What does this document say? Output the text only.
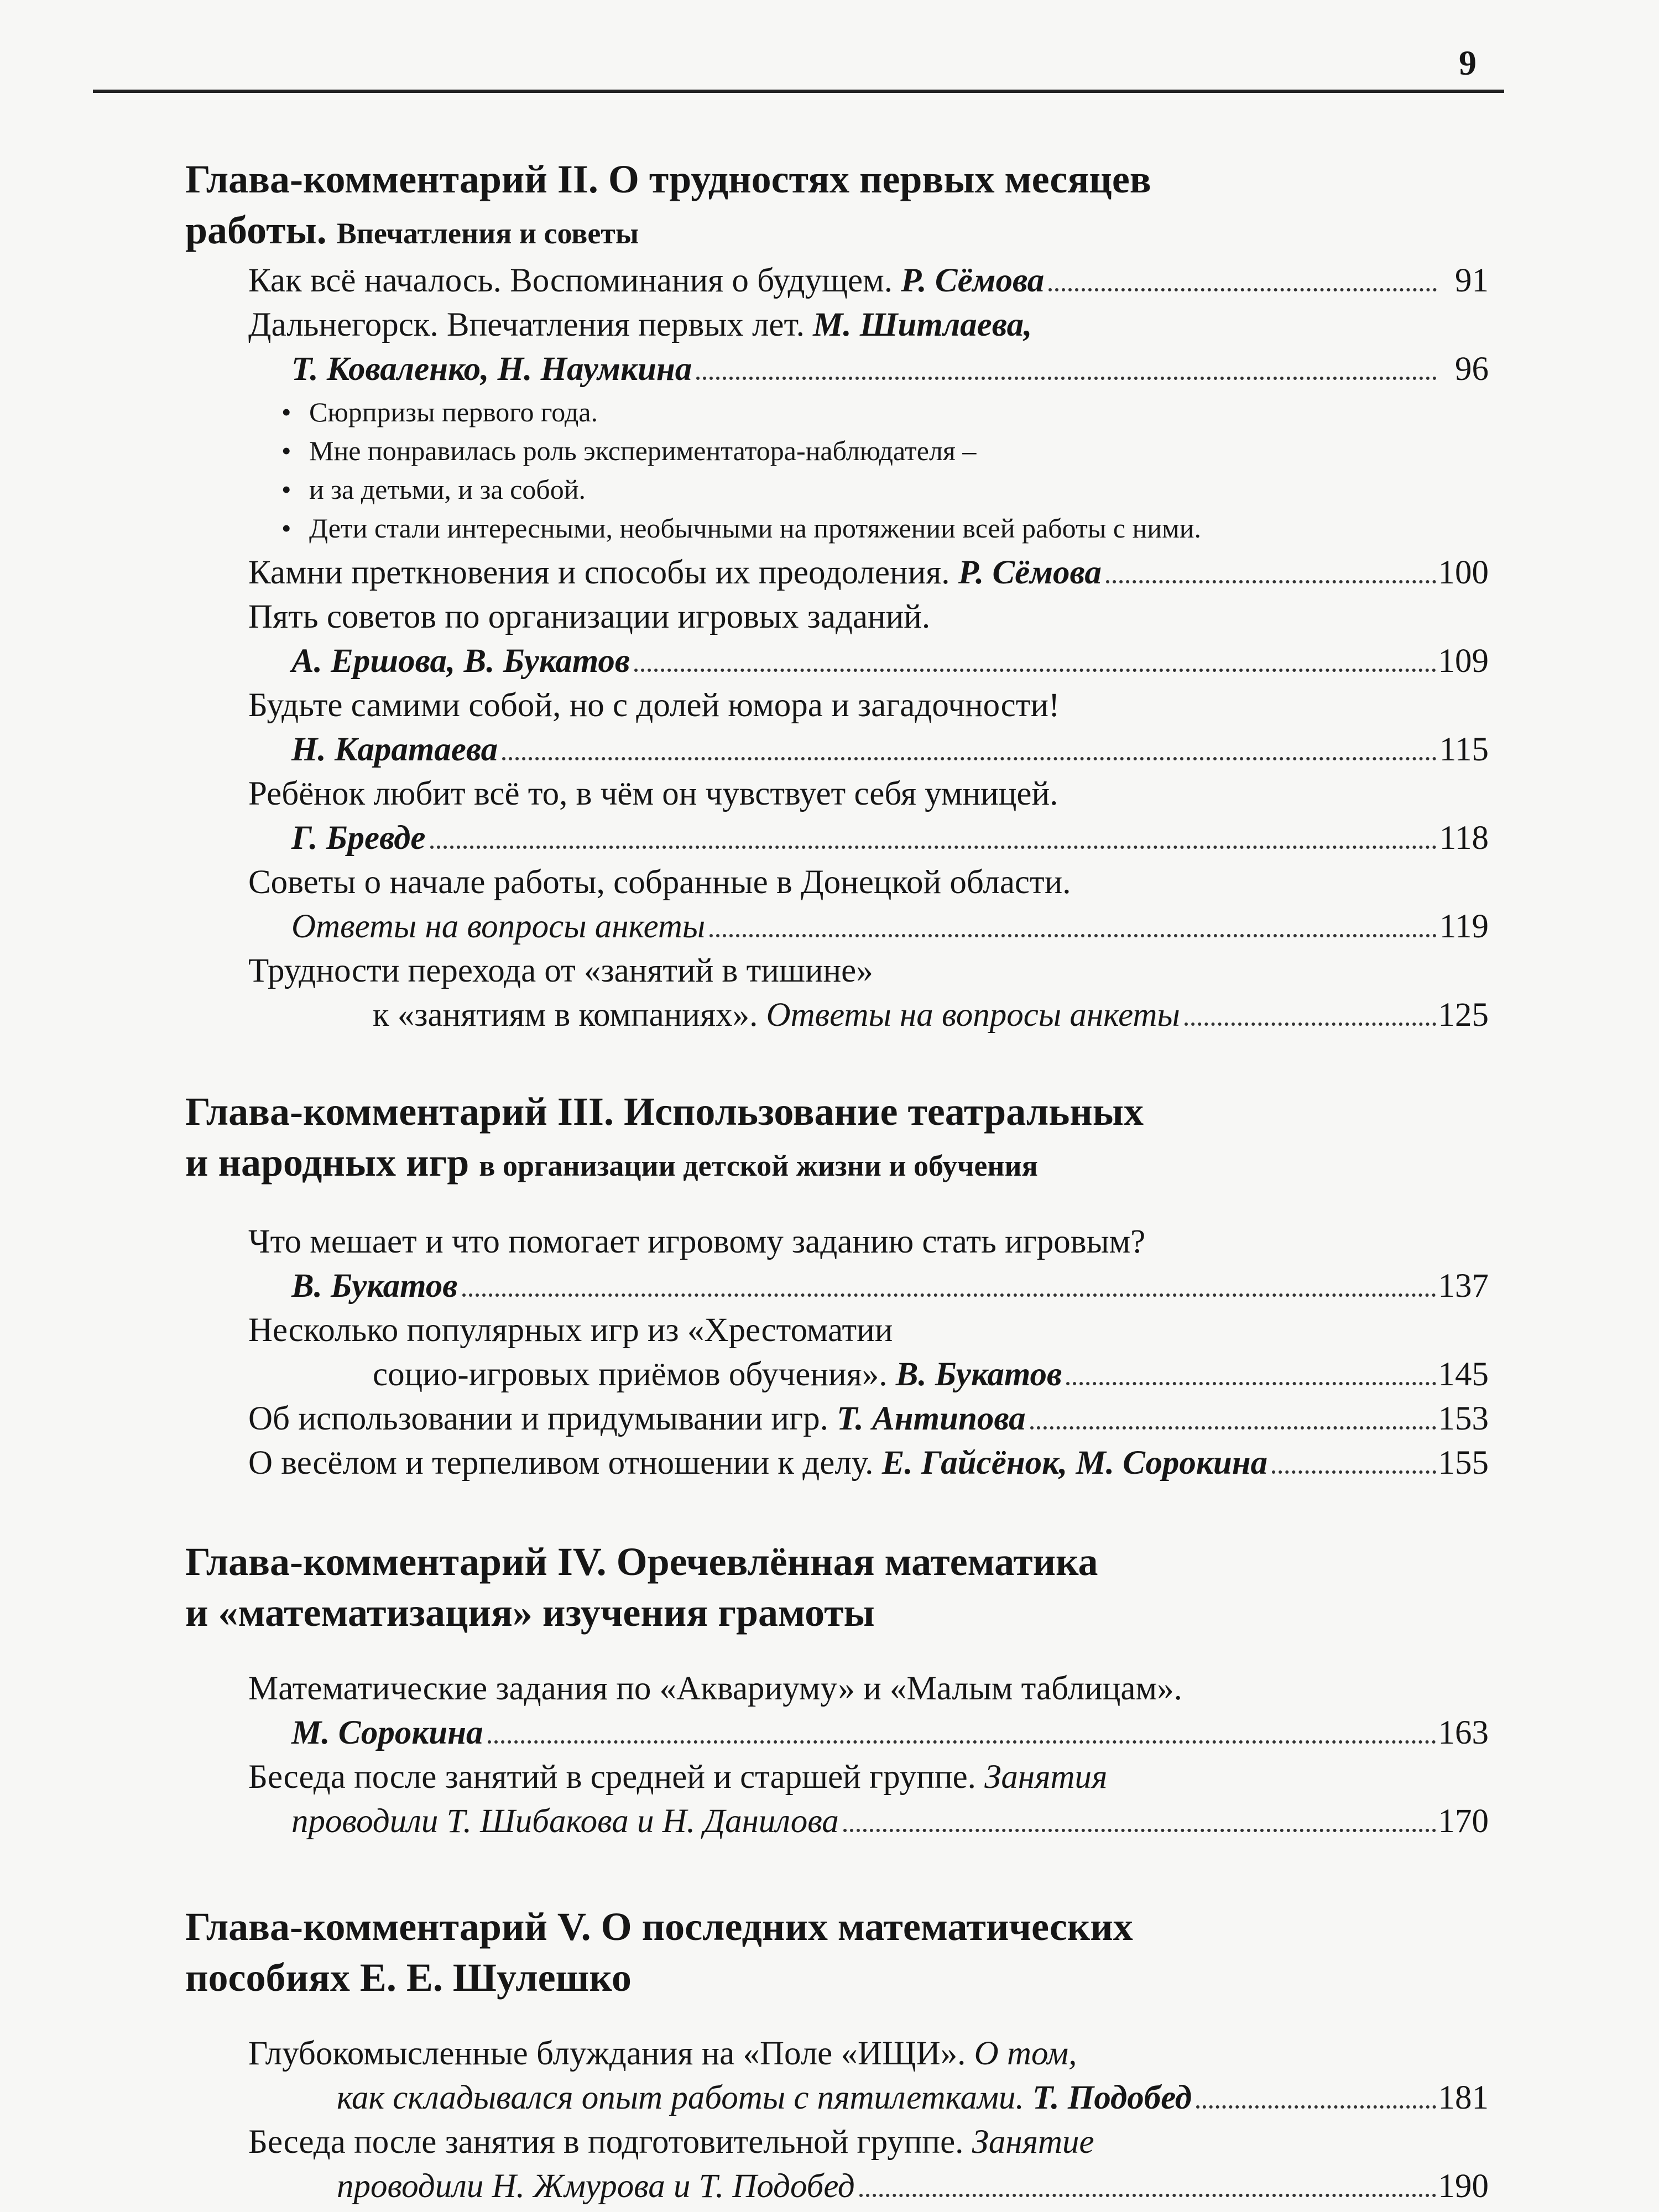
9

Глава-комментарий II. О трудностях первых месяцев
работы. Впечатления и советы

Как всё началось. Воспоминания о будущем.
Р. Сёмова	91
Дальнегорск. Впечатления первых лет.
М. Шитлаева,
Т. Коваленко, Н. Наумкина	96
• Сюрпризы первого года.
• Мне понравилась роль экспериментатора-наблюдателя –
• и за детьми, и за собой.
• Дети стали интересными, необычными на протяжении всей работы с ними.
Камни преткновения и способы их преодоления.
Р. Сёмова	100
Пять советов по организации игровых заданий.
А. Ершова, В. Букатов	109
Будьте самими собой, но с долей юмора и загадочности!
Н. Каратаева	115
Ребёнок любит всё то, в чём он чувствует себя умницей.
Г. Бревде	118
Советы о начале работы, собранные в Донецкой области.
Ответы на вопросы анкеты	119
Трудности перехода от «занятий в тишине»
к «занятиям в компаниях».
Ответы на вопросы анкеты	125

Глава-комментарий III. Использование театральных
и народных игр в организации детской жизни и обучения

Что мешает и что помогает игровому заданию стать игровым?
В. Букатов	137
Несколько популярных игр из «Хрестоматии
социо-игровых приёмов обучения».
В. Букатов	145
Об использовании и придумывании игр.
Т. Антипова	153
О весёлом и терпеливом отношении к делу.
Е. Гайсёнок, М. Сорокина	155

Глава-комментарий IV. Оречевлённая математика
и «математизация» изучения грамоты

Математические задания по «Аквариуму» и «Малым таблицам».
М. Сорокина	163
Беседа после занятий в средней и старшей группе.
Занятия
проводили Т. Шибакова и Н. Данилова	170

Глава-комментарий V. О последних математических
пособиях Е. Е. Шулешко

Глубокомысленные блуждания на «Поле «ИЩИ».
О том,
как складывался опыт работы с пятилетками.
Т. Подобед	181
Беседа после занятия в подготовительной группе.
Занятие
проводили Н. Жмурова и Т. Подобед	190
